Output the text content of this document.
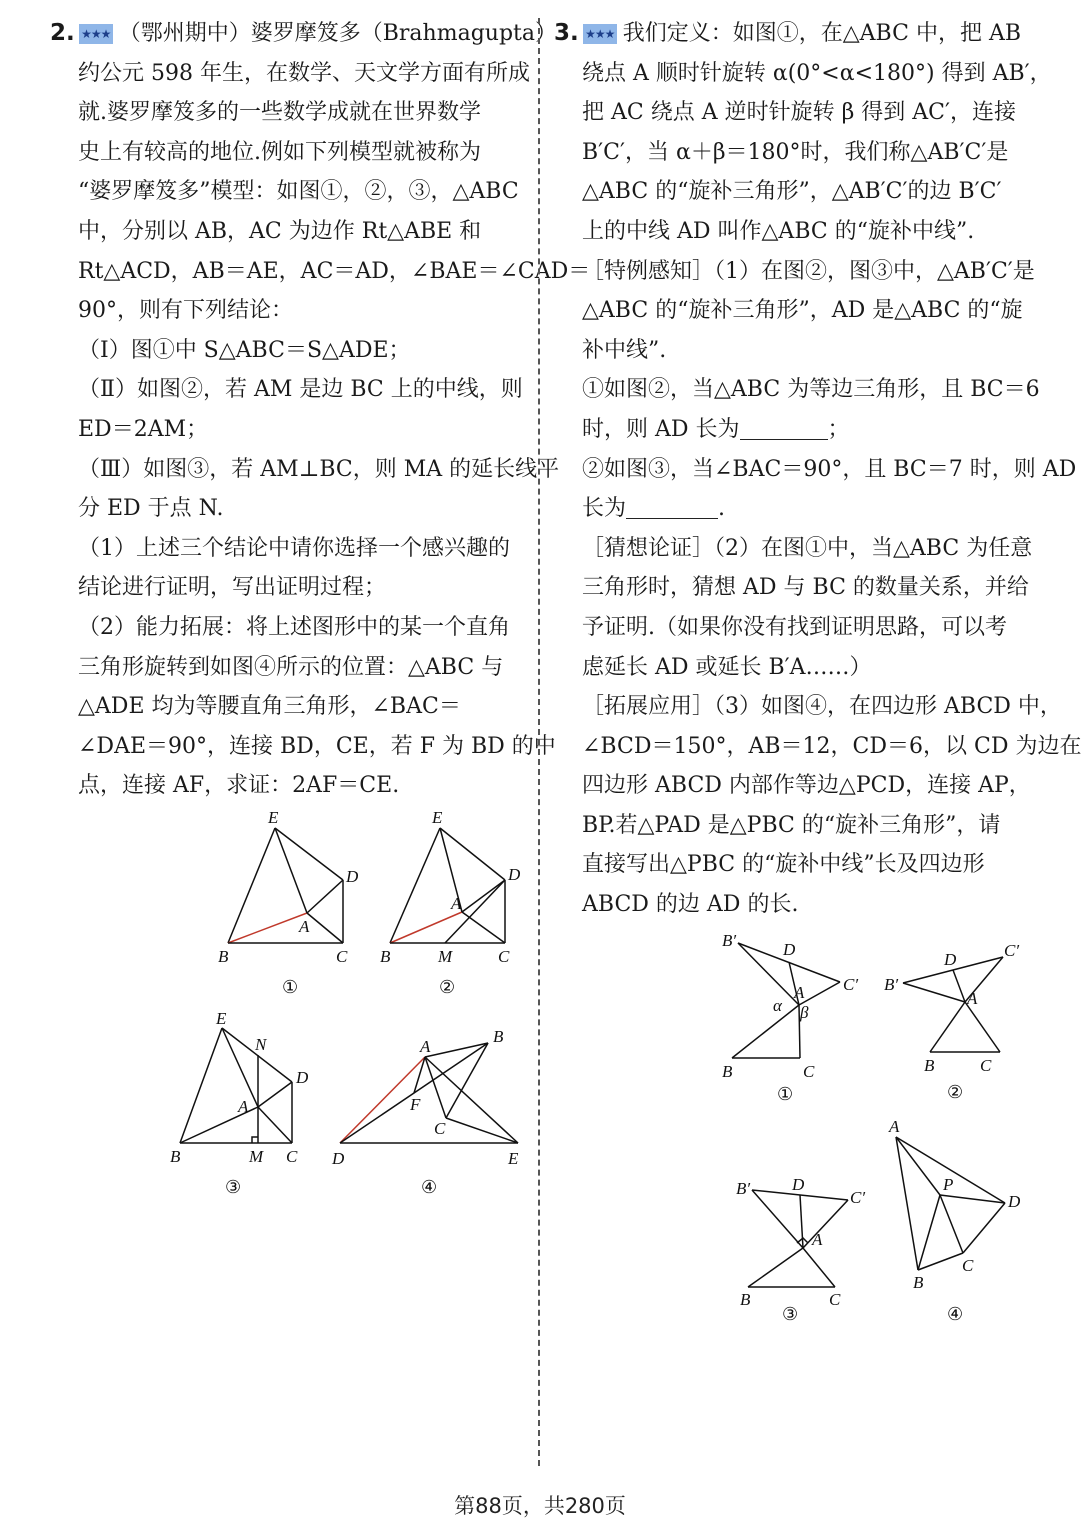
2. ★★★ （鄂州期中）婆罗摩笈多（Brahmagupta）
约公元 598 年生，在数学、天文学方面有所成
就.婆罗摩笈多的一些数学成就在世界数学
史上有较高的地位.例如下列模型就被称为
“婆罗摩笈多”模型：如图①，②，③，△ABC
中，分别以 AB，AC 为边作 Rt△ABE 和
Rt△ACD，AB＝AE，AC＝AD，∠BAE＝∠CAD＝
90°，则有下列结论：
（Ⅰ）图①中 S△ABC＝S△ADE；
（Ⅱ）如图②，若 AM 是边 BC 上的中线，则
ED＝2AM；
（Ⅲ）如图③，若 AM⊥BC，则 MA 的延长线平
分 ED 于点 N.
（1）上述三个结论中请你选择一个感兴趣的
结论进行证明，写出证明过程；
（2）能力拓展：将上述图形中的某一个直角
三角形旋转到如图④所示的位置：△ABC 与
△ADE 均为等腰直角三角形，∠BAC＝
∠DAE＝90°，连接 BD，CE，若 F 为 BD 的中
点，连接 AF，求证：2AF＝CE.
3. ★★★ 我们定义：如图①，在△ABC 中，把 AB
绕点 A 顺时针旋转 α(0°<α<180°) 得到 AB′，
把 AC 绕点 A 逆时针旋转 β 得到 AC′，连接
B′C′，当 α＋β＝180°时，我们称△AB′C′是
△ABC 的“旋补三角形”，△AB′C′的边 B′C′
上的中线 AD 叫作△ABC 的“旋补中线”.
［特例感知］（1）在图②，图③中，△AB′C′是
△ABC 的“旋补三角形”，AD 是△ABC 的“旋
补中线”.
①如图②，当△ABC 为等边三角形，且 BC＝6
时，则 AD 长为	；
②如图③，当∠BAC＝90°，且 BC＝7 时，则 AD
长为	.
［猜想论证］（2）在图①中，当△ABC 为任意
三角形时，猜想 AD 与 BC 的数量关系，并给
予证明.（如果你没有找到证明思路，可以考
虑延长 AD 或延长 B′A……）
［拓展应用］（3）如图④，在四边形 ABCD 中，
∠BCD＝150°，AB＝12，CD＝6，以 CD 为边在
四边形 ABCD 内部作等边△PCD，连接 AP，
BP.若△PAD 是△PBC 的“旋补三角形”，请
直接写出△PBC 的“旋补中线”长及四边形
ABCD 的边 AD 的长.
E
D
A
B	C
①
E
D
A
B	M	C
②
E
N
D
A
B	M C
③
A
B
F
C
D	E
④
B′	D
C′
A
α β
B	C
①
B′
D	C′
A
B	C
②
B′ D
C′
A
B	C
③
A
P
D
C
B
④
第88页，共280页
